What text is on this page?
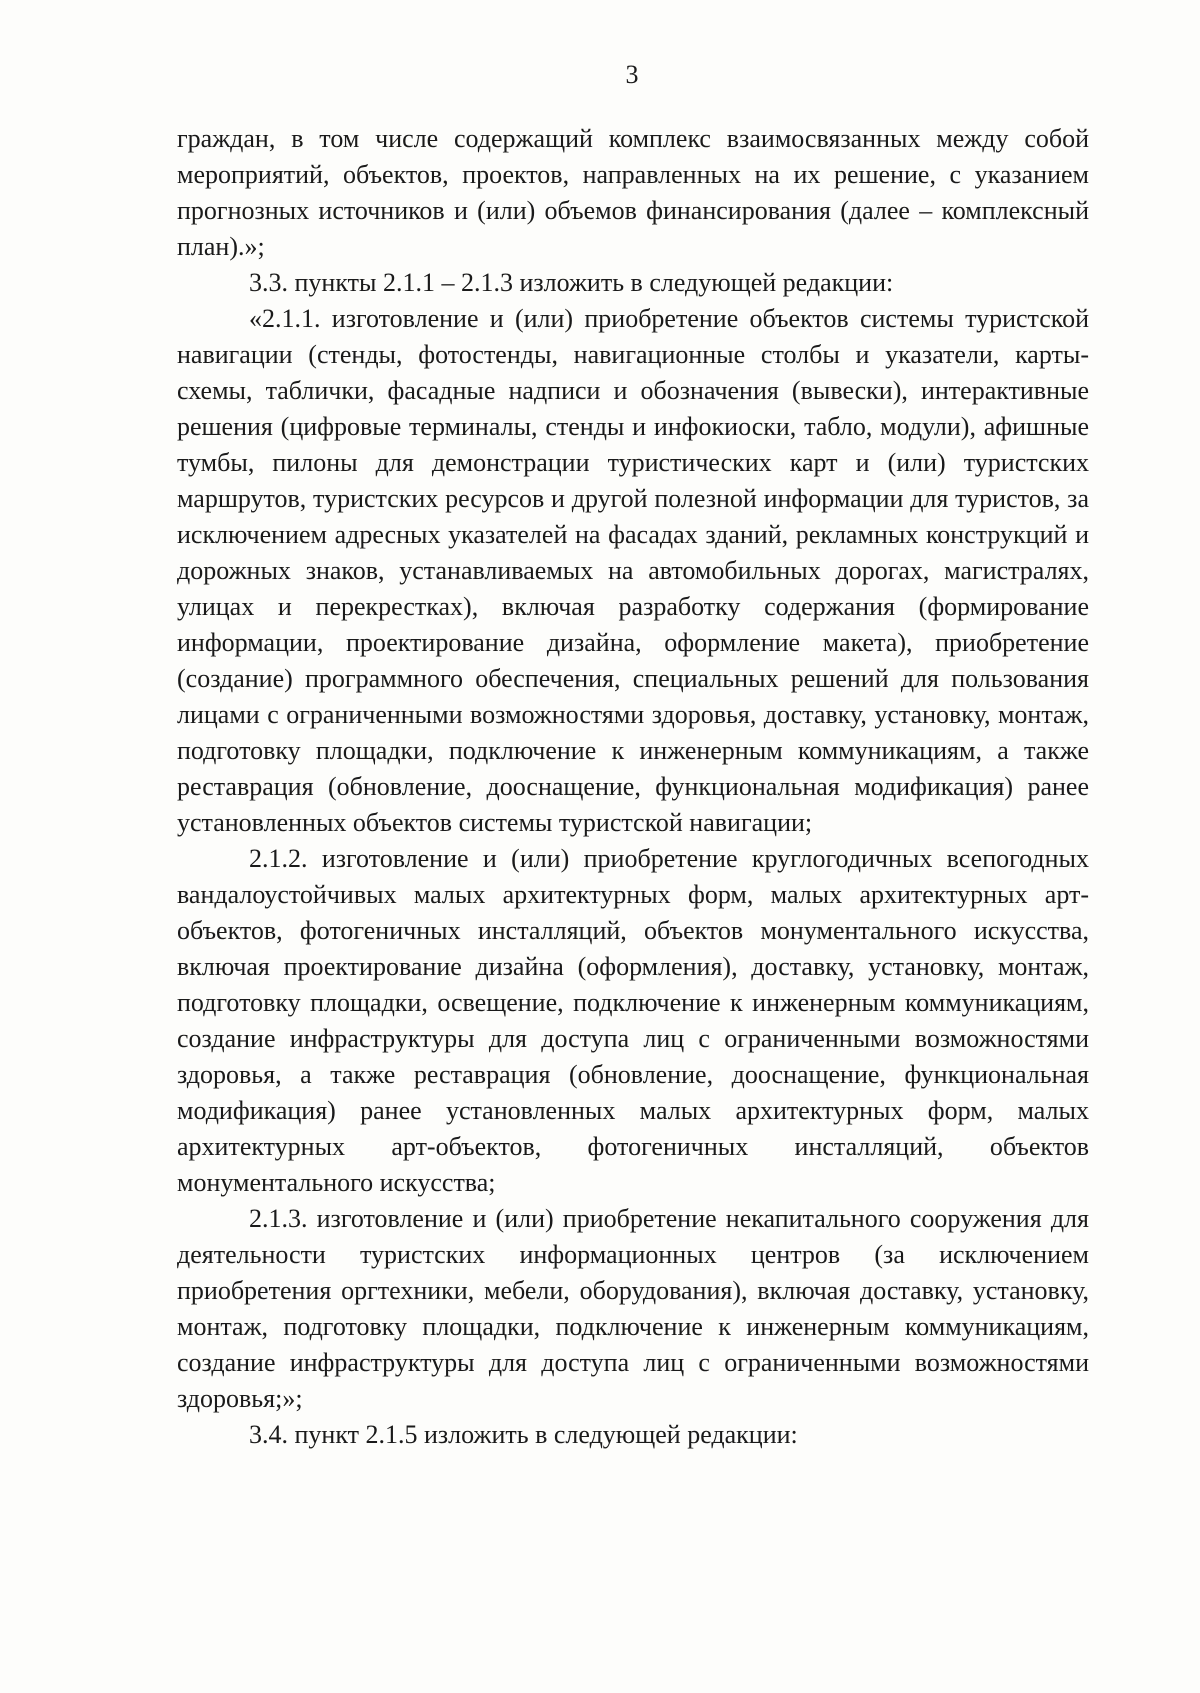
3

граждан, в том числе содержащий комплекс взаимосвязанных между собой мероприятий, объектов, проектов, направленных на их решение, с указанием прогнозных источников и (или) объемов финансирования (далее – комплексный план).»;

3.3. пункты 2.1.1 – 2.1.3 изложить в следующей редакции:

«2.1.1. изготовление и (или) приобретение объектов системы туристской навигации (стенды, фотостенды, навигационные столбы и указатели, карты-схемы, таблички, фасадные надписи и обозначения (вывески), интерактивные решения (цифровые терминалы, стенды и инфокиоски, табло, модули), афишные тумбы, пилоны для демонстрации туристических карт и (или) туристских маршрутов, туристских ресурсов и другой полезной информации для туристов, за исключением адресных указателей на фасадах зданий, рекламных конструкций и дорожных знаков, устанавливаемых на автомобильных дорогах, магистралях, улицах и перекрестках), включая разработку содержания (формирование информации, проектирование дизайна, оформление макета), приобретение (создание) программного обеспечения, специальных решений для пользования лицами с ограниченными возможностями здоровья, доставку, установку, монтаж, подготовку площадки, подключение к инженерным коммуникациям, а также реставрация (обновление, дооснащение, функциональная модификация) ранее установленных объектов системы туристской навигации;

2.1.2. изготовление и (или) приобретение круглогодичных всепогодных вандалоустойчивых малых архитектурных форм, малых архитектурных арт-объектов, фотогеничных инсталляций, объектов монументального искусства, включая проектирование дизайна (оформления), доставку, установку, монтаж, подготовку площадки, освещение, подключение к инженерным коммуникациям, создание инфраструктуры для доступа лиц с ограниченными возможностями здоровья, а также реставрация (обновление, дооснащение, функциональная модификация) ранее установленных малых архитектурных форм, малых архитектурных арт-объектов, фотогеничных инсталляций, объектов монументального искусства;

2.1.3. изготовление и (или) приобретение некапитального сооружения для деятельности туристских информационных центров (за исключением приобретения оргтехники, мебели, оборудования), включая доставку, установку, монтаж, подготовку площадки, подключение к инженерным коммуникациям, создание инфраструктуры для доступа лиц с ограниченными возможностями здоровья;»;

3.4. пункт 2.1.5 изложить в следующей редакции:
